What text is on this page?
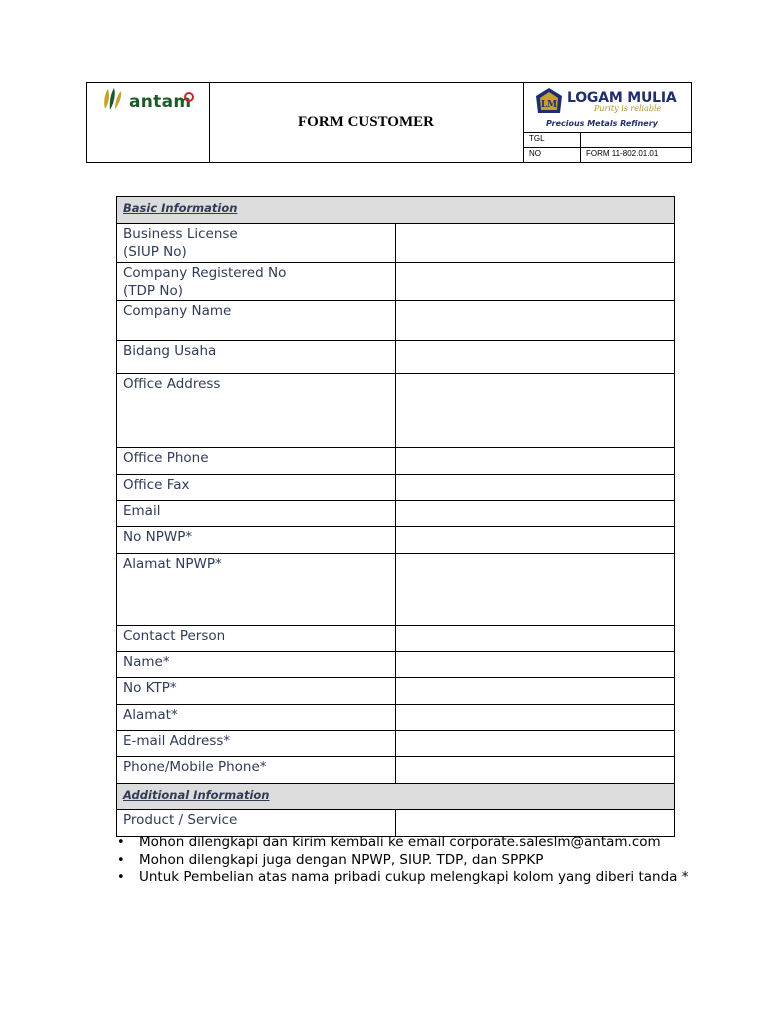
antam
FORM CUSTOMER
LM LOGAM MULIA
Purity is reliable
Precious Metals Refinery
TGL
NO	FORM 11-802.01.01
Basic Information	
Business License
(SIUP No)	
Company Registered No
(TDP No)	
Company Name	
Bidang Usaha	
Office Address	
Office Phone	
Office Fax	
Email	
No NPWP*	
Alamat NPWP*	
Contact Person	
Name*	
No KTP*	
Alamat*	
E-mail Address*	
Phone/Mobile Phone*	
Additional Information	
Product / Service	
• Mohon dilengkapi dan kirim kembali ke email corporate.saleslm@antam.com
• Mohon dilengkapi juga dengan NPWP, SIUP. TDP, dan SPPKP
• Untuk Pembelian atas nama pribadi cukup melengkapi kolom yang diberi tanda *
